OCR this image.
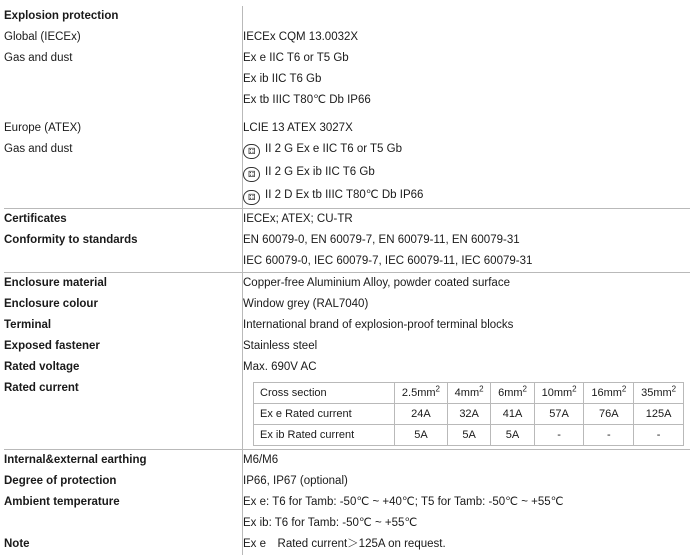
Explosion protection	
Global (IECEx)	IECEx CQM 13.0032X
Gas and dust	Ex e IIC T6 or T5 Gb
	Ex ib IIC T6 Gb
	Ex tb IIIC T80℃ Db IP66

Europe (ATEX)	LCIE 13 ATEX 3027X
Gas and dust	⚃ II 2 G Ex e IIC T6 or T5 Gb
	⚃ II 2 G Ex ib IIC T6 Gb
	⚃ II 2 D Ex tb IIIC T80℃ Db IP66
Certificates	IECEx; ATEX; CU-TR
Conformity to standards	EN 60079-0, EN 60079-7, EN 60079-11, EN 60079-31
IEC 60079-0, IEC 60079-7, IEC 60079-11, IEC 60079-31

Enclosure material	Copper-free Aluminium Alloy, powder coated surface
Enclosure colour	Window grey (RAL7040)
Terminal	International brand of explosion-proof terminal blocks
Exposed fastener	Stainless steel
Rated voltage	Max. 690V AC
Rated current		Cross section	$2.5mm^2$	$4mm^2$	$6mm^2$	$10mm^2$	$16mm^2$	$35mm^2$
Ex e Rated current	24A	32A	41A	57A	76A	125A
Ex ib Rated current	5A	5A	5A	-	-	-

Internal&external earthing	M6/M6
Degree of protection	IP66, IP67 (optional)
Ambient temperature	Ex e: T6 for Tamb: -50℃ ~ +40℃; T5 for Tamb: -50℃ ~ +55℃
Ex ib: T6 for Tamb: -50℃ ~ +55℃

Note	Ex e Rated current＞125A on request.
